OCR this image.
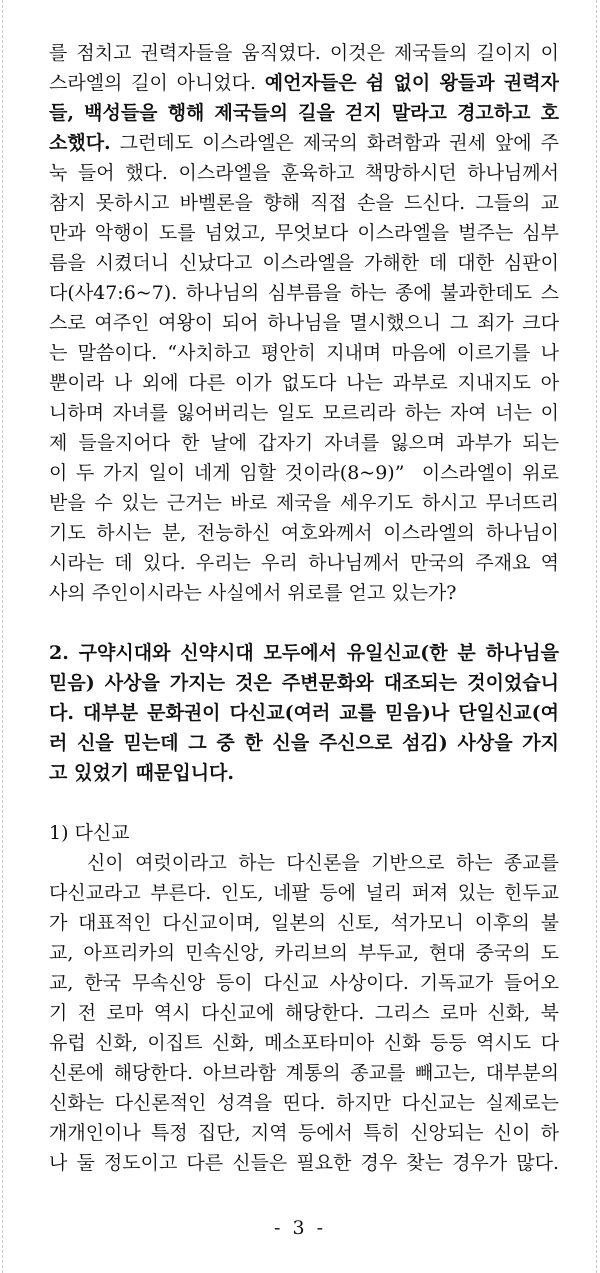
를 점치고 권력자들을 움직였다. 이것은 제국들의 길이지 이
스라엘의 길이 아니었다. 예언자들은 쉼 없이 왕들과 권력자
들, 백성들을 행해 제국들의 길을 걷지 말라고 경고하고 호
소했다. 그런데도 이스라엘은 제국의 화려함과 권세 앞에 주
눅 들어 했다. 이스라엘을 훈육하고 책망하시던 하나님께서
참지 못하시고 바벨론을 향해 직접 손을 드신다. 그들의 교
만과 악행이 도를 넘었고, 무엇보다 이스라엘을 벌주는 심부
름을 시켰더니 신났다고 이스라엘을 가해한 데 대한 심판이
다(사47:6~7). 하나님의 심부름을 하는 종에 불과한데도 스
스로 여주인 여왕이 되어 하나님을 멸시했으니 그 죄가 크다
는 말씀이다. “사치하고 평안히 지내며 마음에 이르기를 나
뿐이라 나 외에 다른 이가 없도다 나는 과부로 지내지도 아
니하며 자녀를 잃어버리는 일도 모르리라 하는 자여 너는 이
제 들을지어다 한 날에 갑자기 자녀를 잃으며 과부가 되는
이 두 가지 일이 네게 임할 것이라(8~9)”  이스라엘이 위로
받을 수 있는 근거는 바로 제국을 세우기도 하시고 무너뜨리
기도 하시는 분, 전능하신 여호와께서 이스라엘의 하나님이
시라는 데 있다. 우리는 우리 하나님께서 만국의 주재요 역
사의 주인이시라는 사실에서 위로를 얻고 있는가?
2. 구약시대와 신약시대 모두에서 유일신교(한 분 하나님을
믿음) 사상을 가지는 것은 주변문화와 대조되는 것이었습니
다. 대부분 문화권이 다신교(여러 교를 믿음)나 단일신교(여
러 신을 믿는데 그 중 한 신을 주신으로 섬김) 사상을 가지
고 있었기 때문입니다.
1) 다신교
신이 여럿이라고 하는 다신론을 기반으로 하는 종교를
다신교라고 부른다. 인도, 네팔 등에 널리 퍼져 있는 힌두교
가 대표적인 다신교이며, 일본의 신토, 석가모니 이후의 불
교, 아프리카의 민속신앙, 카리브의 부두교, 현대 중국의 도
교, 한국 무속신앙 등이 다신교 사상이다. 기독교가 들어오
기 전 로마 역시 다신교에 해당한다. 그리스 로마 신화, 북
유럽 신화, 이집트 신화, 메소포타미아 신화 등등 역시도 다
신론에 해당한다. 아브라함 계통의 종교를 빼고는, 대부분의
신화는 다신론적인 성격을 띤다. 하지만 다신교는 실제로는
개개인이나 특정 집단, 지역 등에서 특히 신앙되는 신이 하
나 둘 정도이고 다른 신들은 필요한 경우 찾는 경우가 많다.
- 3 -
